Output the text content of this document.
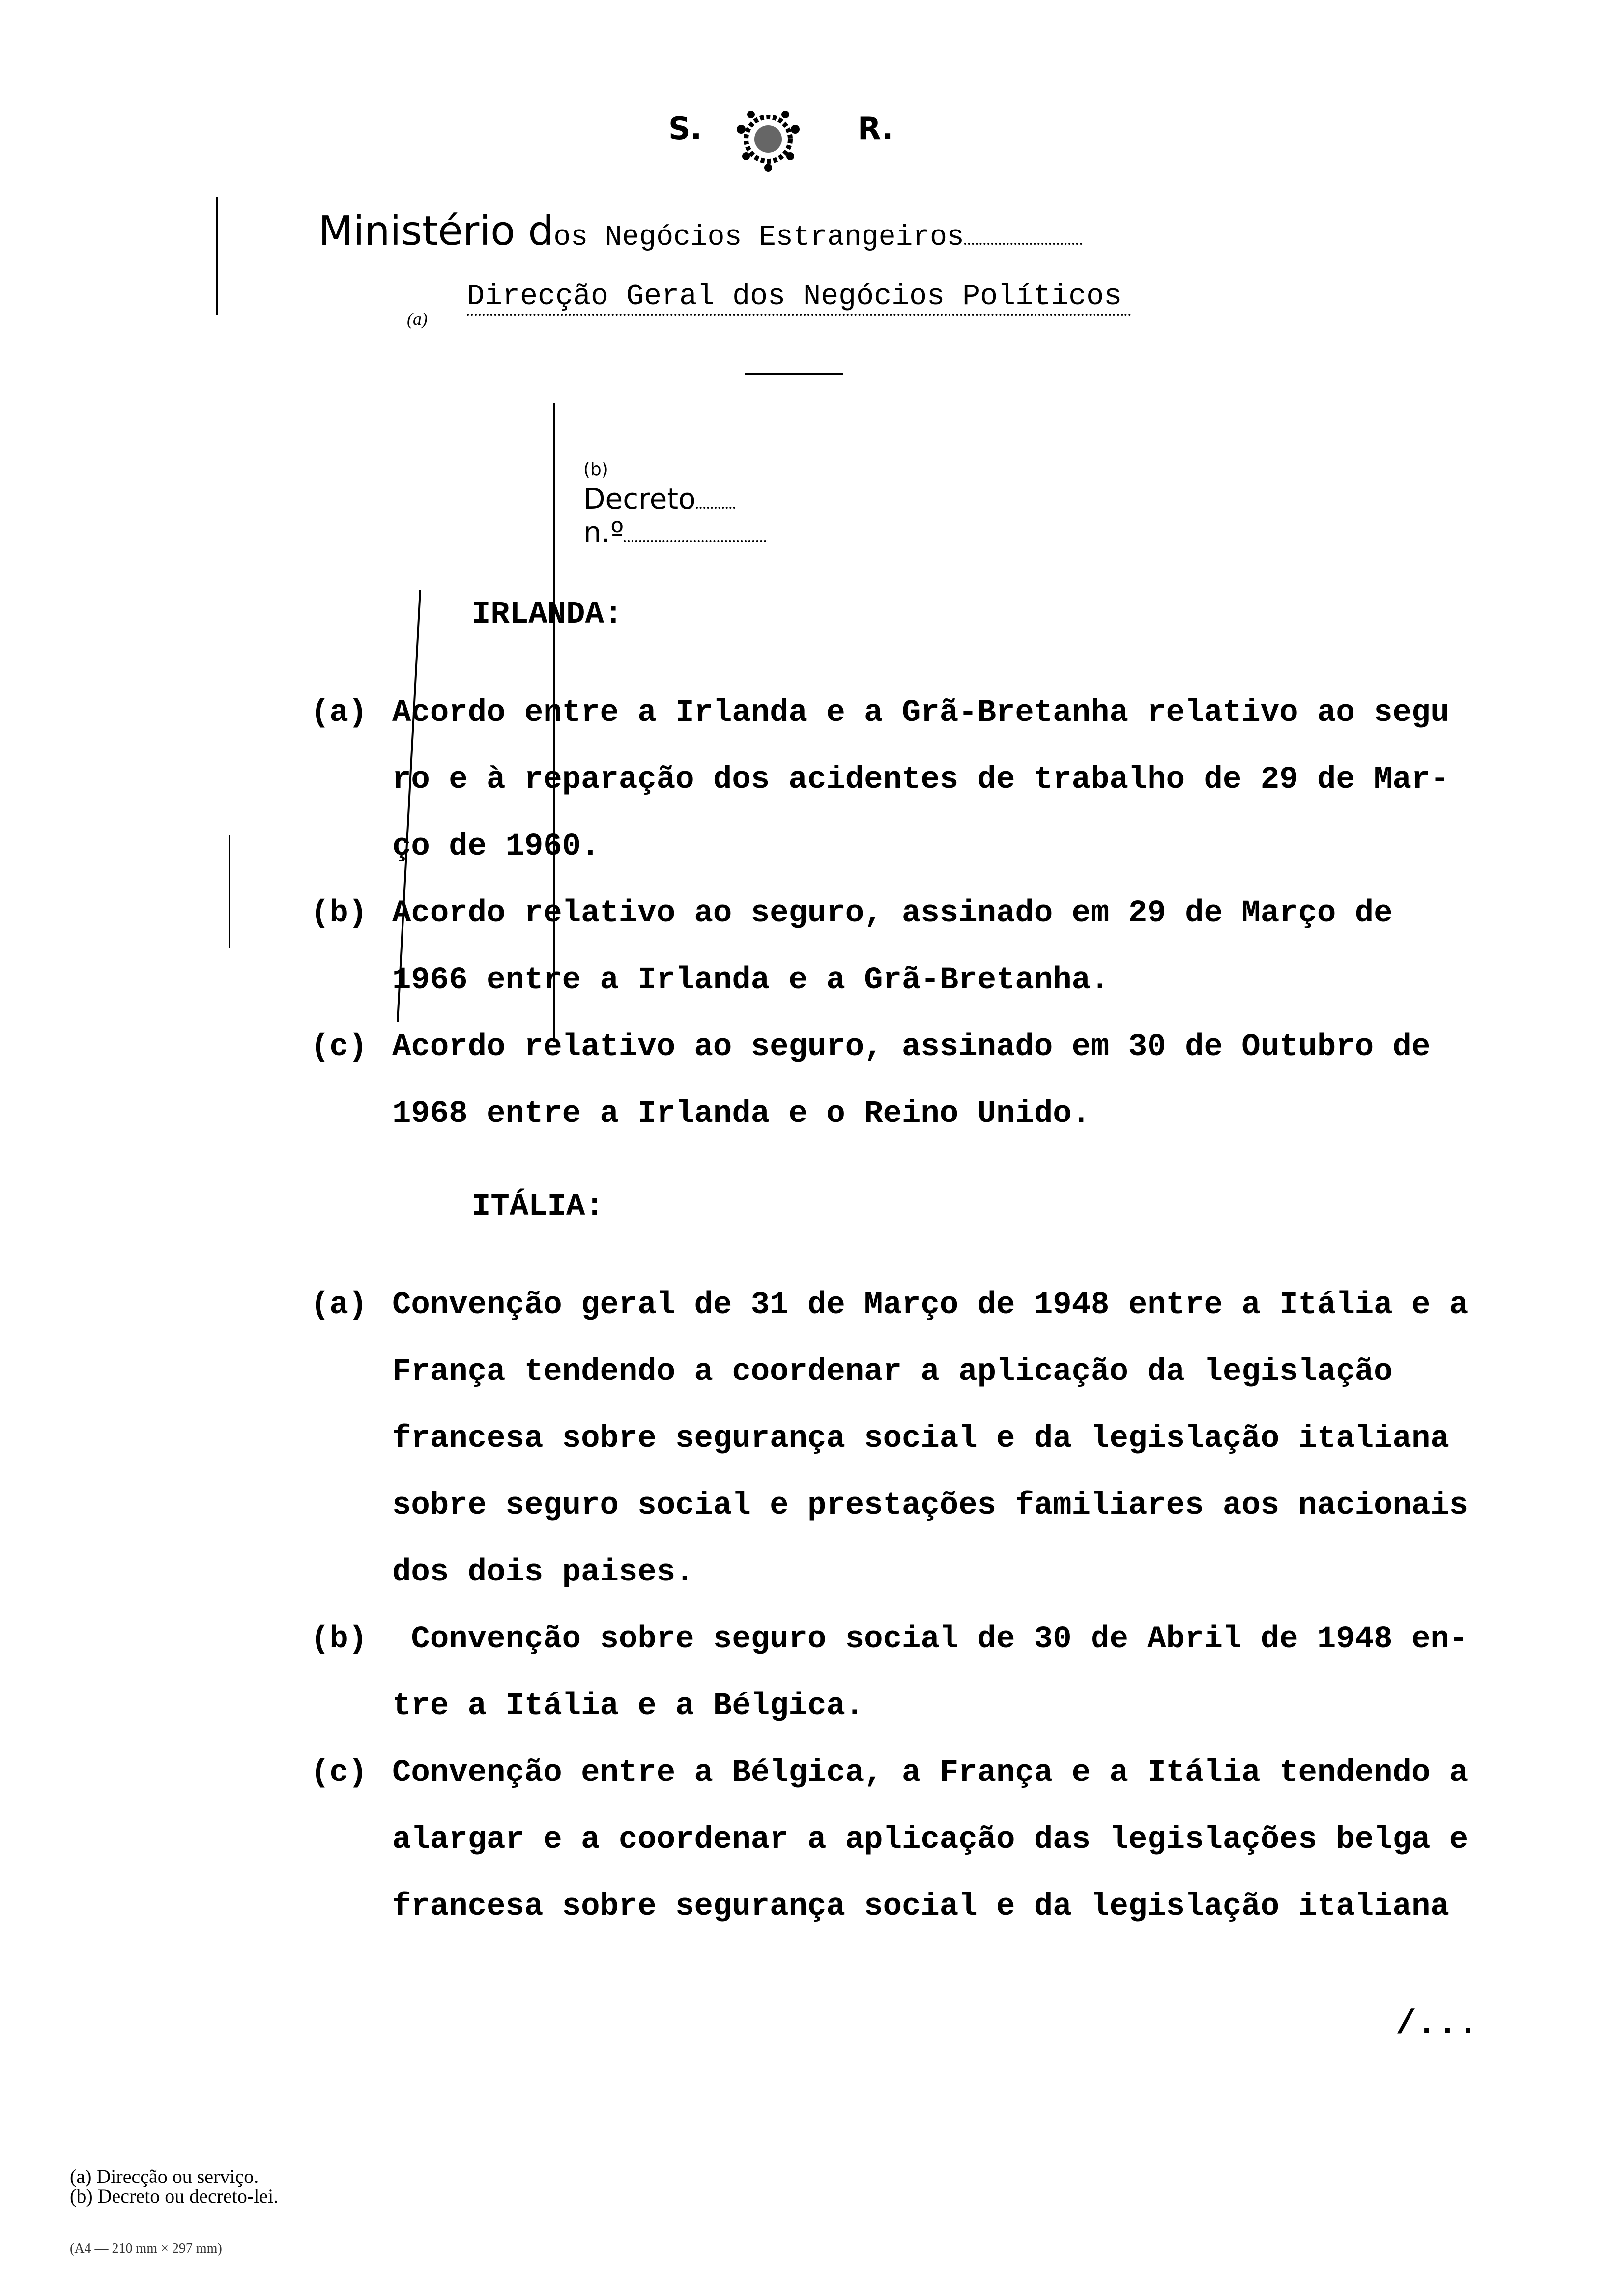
S.

	R.

Ministério dos Negócios Estrangeiros

(a)
Direcção Geral dos Negócios Políticos

(b)
Decreto
n.º

IRLANDA:
(a) Acordo entre a Irlanda e a Grã-Bretanha relativo ao segu
ro e à reparação dos acidentes de trabalho de 29 de Mar-
ço de 1960.
(b) Acordo relativo ao seguro, assinado em 29 de Março de
1966 entre a Irlanda e a Grã-Bretanha.
(c) Acordo relativo ao seguro, assinado em 30 de Outubro de
1968 entre a Irlanda e o Reino Unido.
ITÁLIA:
(a) Convenção geral de 31 de Março de 1948 entre a Itália e a
França tendendo a coordenar a aplicação da legislação
francesa sobre segurança social e da legislação italiana
sobre seguro social e prestações familiares aos nacionais
dos dois paises.
(b) Convenção sobre seguro social de 30 de Abril de 1948 en-
tre a Itália e a Bélgica.
(c) Convenção entre a Bélgica, a França e a Itália tendendo a
alargar e a coordenar a aplicação das legislações belga e
francesa sobre segurança social e da legislação italiana
/...
(a) Direcção ou serviço.
(b) Decreto ou decreto-lei.
(A4 — 210 mm × 297 mm)
